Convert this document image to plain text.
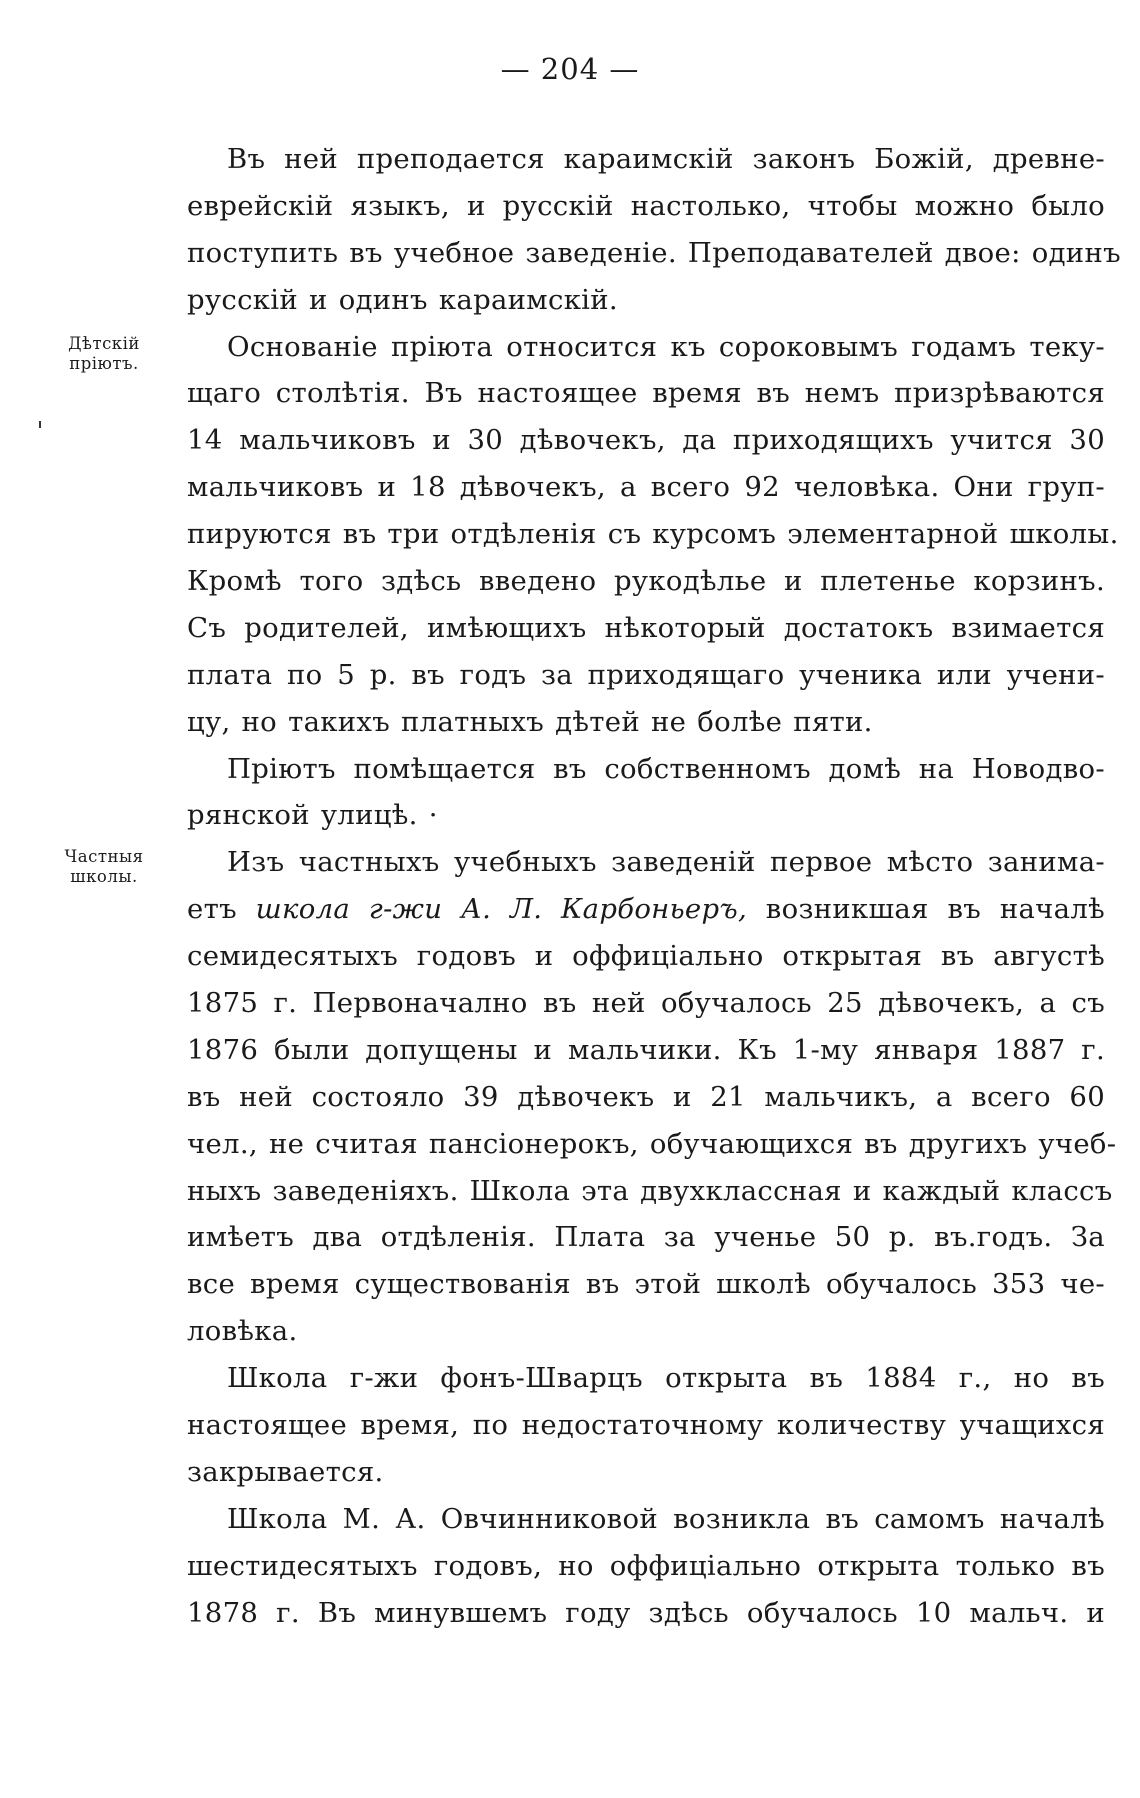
— 204 —
Дѣтскій
пріютъ.
Частныя
школы.
Въ ней преподается караимскій законъ Божій, древне-
еврейскій языкъ, и русскій настолько, чтобы можно было
поступить въ учебное заведеніе. Преподавателей двое: одинъ
русскій и одинъ караимскій.
Основаніе пріюта относится къ сороковымъ годамъ теку-
щаго столѣтія. Въ настоящее время въ немъ призрѣваются
14 мальчиковъ и 30 дѣвочекъ, да приходящихъ учится 30
мальчиковъ и 18 дѣвочекъ, а всего 92 человѣка. Они груп-
пируются въ три отдѣленія съ курсомъ элементарной школы.
Кромѣ того здѣсь введено рукодѣлье и плетенье корзинъ.
Съ родителей, имѣющихъ нѣкоторый достатокъ взимается
плата по 5 р. въ годъ за приходящаго ученика или учени-
цу, но такихъ платныхъ дѣтей не болѣе пяти.
Пріютъ помѣщается въ собственномъ домѣ на Новодво-
рянской улицѣ. ·
Изъ частныхъ учебныхъ заведеній первое мѣсто занима-
етъ школа г-жи А. Л. Карбоньеръ, возникшая въ началѣ
семидесятыхъ годовъ и оффиціально открытая въ августѣ
1875 г. Первоначално въ ней обучалось 25 дѣвочекъ, а съ
1876 были допущены и мальчики. Къ 1-му января 1887 г.
въ ней состояло 39 дѣвочекъ и 21 мальчикъ, а всего 60
чел., не считая пансіонерокъ, обучающихся въ другихъ учеб-
ныхъ заведеніяхъ. Школа эта двухклассная и каждый классъ
имѣетъ два отдѣленія. Плата за ученье 50 р. въ.годъ. За
все время существованія въ этой школѣ обучалось 353 че-
ловѣка.
Школа г-жи фонъ-Шварцъ открыта въ 1884 г., но въ
настоящее время, по недостаточному количеству учащихся
закрывается.
Школа М. А. Овчинниковой возникла въ самомъ началѣ
шестидесятыхъ годовъ, но оффиціально открыта только въ
1878 г. Въ минувшемъ году здѣсь обучалось 10 мальч. и
